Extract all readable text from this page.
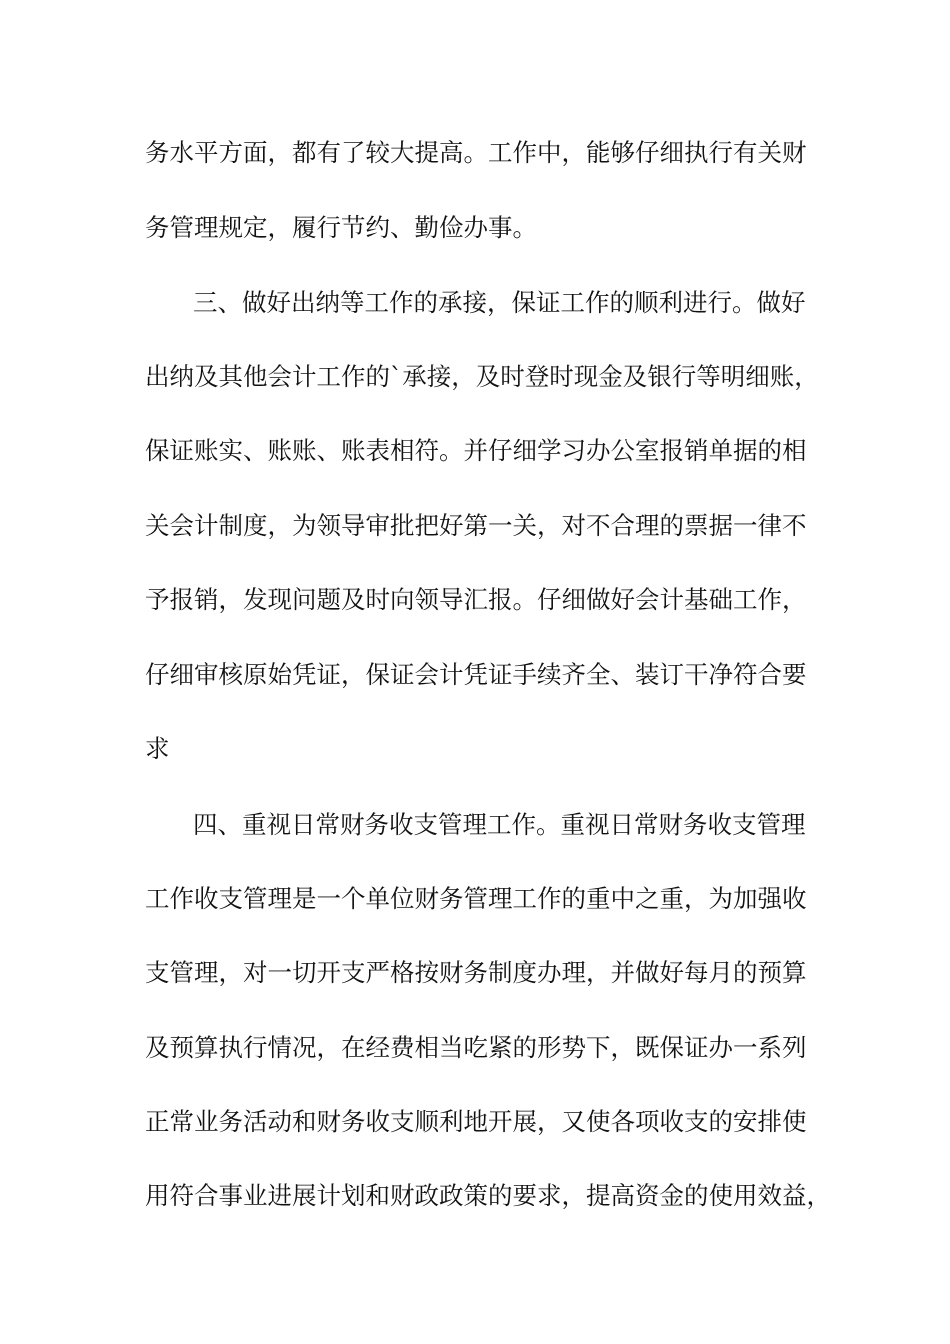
务水平方面，都有了较大提高。工作中，能够仔细执行有关财
务管理规定，履行节约、勤俭办事。
三、做好出纳等工作的承接，保证工作的顺利进行。做好
出纳及其他会计工作的`承接，及时登时现金及银行等明细账，
保证账实、账账、账表相符。并仔细学习办公室报销单据的相
关会计制度，为领导审批把好第一关，对不合理的票据一律不
予报销，发现问题及时向领导汇报。仔细做好会计基础工作，
仔细审核原始凭证，保证会计凭证手续齐全、装订干净符合要
求
四、重视日常财务收支管理工作。重视日常财务收支管理
工作收支管理是一个单位财务管理工作的重中之重，为加强收
支管理，对一切开支严格按财务制度办理，并做好每月的预算
及预算执行情况，在经费相当吃紧的形势下，既保证办一系列
正常业务活动和财务收支顺利地开展，又使各项收支的安排使
用符合事业进展计划和财政政策的要求，提高资金的使用效益，
